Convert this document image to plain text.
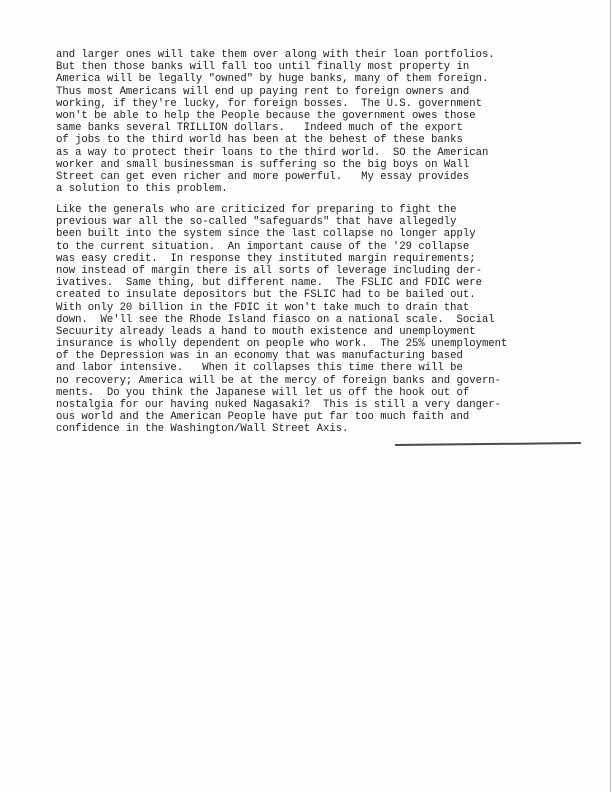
and larger ones will take them over along with their loan portfolios.
But then those banks will fall too until finally most property in
America will be legally "owned" by huge banks, many of them foreign.
Thus most Americans will end up paying rent to foreign owners and
working, if they're lucky, for foreign bosses.  The U.S. government
won't be able to help the People because the government owes those
same banks several TRILLION dollars.   Indeed much of the export
of jobs to the third world has been at the behest of these banks
as a way to protect their loans to the third world.  SO the American
worker and small businessman is suffering so the big boys on Wall
Street can get even richer and more powerful.   My essay provides
a solution to this problem.
Like the generals who are criticized for preparing to fight the
previous war all the so-called "safeguards" that have allegedly
been built into the system since the last collapse no longer apply
to the current situation.  An important cause of the '29 collapse
was easy credit.  In response they instituted margin requirements;
now instead of margin there is all sorts of leverage including der-
ivatives.  Same thing, but different name.  The FSLIC and FDIC were
created to insulate depositors but the FSLIC had to be bailed out.
With only 20 billion in the FDIC it won't take much to drain that
down.  We'll see the Rhode Island fiasco on a national scale.  Social
Secuurity already leads a hand to mouth existence and unemployment
insurance is wholly dependent on people who work.  The 25% unemployment
of the Depression was in an economy that was manufacturing based
and labor intensive.   When it collapses this time there will be
no recovery; America will be at the mercy of foreign banks and govern-
ments.  Do you think the Japanese will let us off the hook out of
nostalgia for our having nuked Nagasaki?  This is still a very danger-
ous world and the American People have put far too much faith and
confidence in the Washington/Wall Street Axis.
